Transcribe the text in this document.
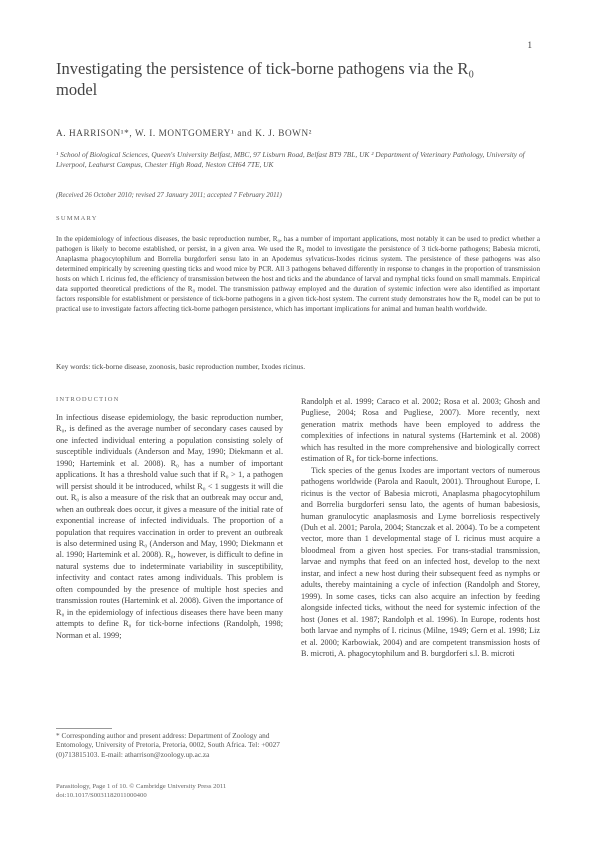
1
Investigating the persistence of tick-borne pathogens via the R₀ model
A. HARRISON¹*, W. I. MONTGOMERY¹ and K. J. BOWN²
¹ School of Biological Sciences, Queen's University Belfast, MBC, 97 Lisburn Road, Belfast BT9 7BL, UK ² Department of Veterinary Pathology, University of Liverpool, Leahurst Campus, Chester High Road, Neston CH64 7TE, UK
(Received 26 October 2010; revised 27 January 2011; accepted 7 February 2011)
SUMMARY

In the epidemiology of infectious diseases, the basic reproduction number, R₀, has a number of important applications, most notably it can be used to predict whether a pathogen is likely to become established, or persist, in a given area. We used the R₀ model to investigate the persistence of 3 tick-borne pathogens; Babesia microti, Anaplasma phagocytophilum and Borrelia burgdorferi sensu lato in an Apodemus sylvaticus-Ixodes ricinus system. The persistence of these pathogens was also determined empirically by screening questing ticks and wood mice by PCR. All 3 pathogens behaved differently in response to changes in the proportion of transmission hosts on which I. ricinus fed, the efficiency of transmission between the host and ticks and the abundance of larval and nymphal ticks found on small mammals. Empirical data supported theoretical predictions of the R₀ model. The transmission pathway employed and the duration of systemic infection were also identified as important factors responsible for establishment or persistence of tick-borne pathogens in a given tick-host system. The current study demonstrates how the R₀ model can be put to practical use to investigate factors affecting tick-borne pathogen persistence, which has important implications for animal and human health worldwide.

Key words: tick-borne disease, zoonosis, basic reproduction number, Ixodes ricinus.
INTRODUCTION

In infectious disease epidemiology, the basic reproduction number, R₀, is defined as the average number of secondary cases caused by one infected individual entering a population consisting solely of susceptible individuals (Anderson and May, 1990; Diekmann et al. 1990; Hartemink et al. 2008). R₀ has a number of important applications. It has a threshold value such that if R₀ > 1, a pathogen will persist should it be introduced, whilst R₀ < 1 suggests it will die out. R₀ is also a measure of the risk that an outbreak may occur and, when an outbreak does occur, it gives a measure of the initial rate of exponential increase of infected individuals. The proportion of a population that requires vaccination in order to prevent an outbreak is also determined using R₀ (Anderson and May, 1990; Diekmann et al. 1990; Hartemink et al. 2008). R₀, however, is difficult to define in natural systems due to indeterminate variability in susceptibility, infectivity and contact rates among individuals. This problem is often compounded by the presence of multiple host species and transmission routes (Hartemink et al. 2008). Given the importance of R₀ in the epidemiology of infectious diseases there have been many attempts to define R₀ for tick-borne infections (Randolph, 1998; Norman et al. 1999;

Randolph et al. 1999; Caraco et al. 2002; Rosa et al. 2003; Ghosh and Pugliese, 2004; Rosa and Pugliese, 2007). More recently, next generation matrix methods have been employed to address the complexities of infections in natural systems (Hartemink et al. 2008) which has resulted in the more comprehensive and biologically correct estimation of R₀ for tick-borne infections.

Tick species of the genus Ixodes are important vectors of numerous pathogens worldwide (Parola and Raoult, 2001). Throughout Europe, I. ricinus is the vector of Babesia microti, Anaplasma phagocytophilum and Borrelia burgdorferi sensu lato, the agents of human babesiosis, human granulocytic anaplasmosis and Lyme borreliosis respectively (Duh et al. 2001; Parola, 2004; Stanczak et al. 2004). To be a competent vector, more than 1 developmental stage of I. ricinus must acquire a bloodmeal from a given host species. For trans-stadial transmission, larvae and nymphs that feed on an infected host, develop to the next instar, and infect a new host during their subsequent feed as nymphs or adults, thereby maintaining a cycle of infection (Randolph and Storey, 1999). In some cases, ticks can also acquire an infection by feeding alongside infected ticks, without the need for systemic infection of the host (Jones et al. 1987; Randolph et al. 1996). In Europe, rodents host both larvae and nymphs of I. ricinus (Milne, 1949; Gern et al. 1998; Liz et al. 2000; Karbowiak, 2004) and are competent transmission hosts of B. microti, A. phagocytophilum and B. burgdorferi s.l. B. microti

* Corresponding author and present address: Department of Zoology and Entomology, University of Pretoria, Pretoria, 0002, South Africa. Tel: +0027 (0)713815103. E-mail: atharrison@zoology.up.ac.za
Parasitology, Page 1 of 10. © Cambridge University Press 2011
doi:10.1017/S0031182011000400
